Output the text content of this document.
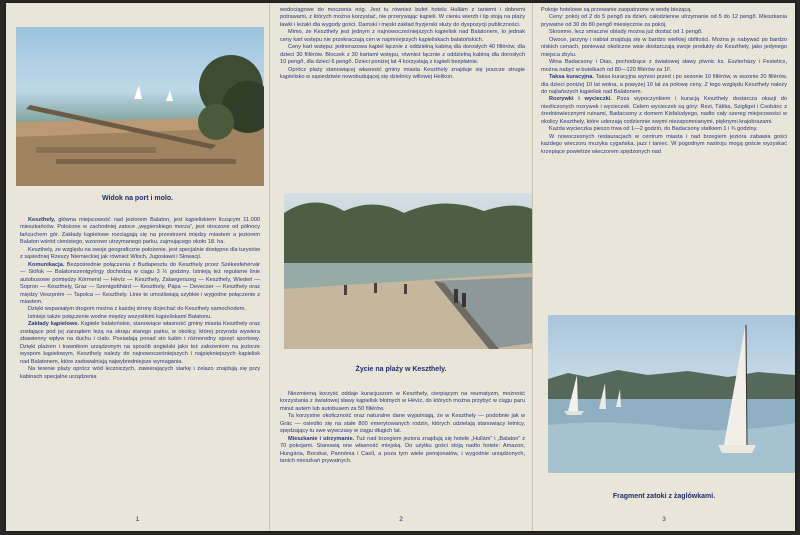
Widok na port i molo.

Keszthely, główna miejscowość nad jeziorem Balaton, jest kąpieliskiem liczącym 11.000 mieszkańców. Położone w zachodniej zatoce „węgierskiego morza”, jest otoczone od północy łańcuchem gór. Zakłady kąpielowe rozciągają się na przestrzeni między miastem a jeziorem Balaton wśród cienistego, wzorowo utrzymanego parku, zajmującego około 18. ha.

Keszthely, ze względu na swoje geograficzne położenie, jest specjalnie dostępne dla turystów z sąsiedniej Rzeszy Niemieckiej jak również Włoch, Jugosławii i Słowacji.

Komunikacja. Bezpośrednie połączenia z Budapesztu do Keszthely przez Székesfehérvár — Siófok — Balatonszentgyörgy dochodzą w ciągu 3 ½ godziny. Istnieją też regularne linie autobusowe pomiędzy Körmend — Hévíz — Keszthely, Zalaegerszeg — Keszthely, Wiedeń — Sopron — Keszthely, Graz — Szentgotthárd — Keszthely, Pápa — Devecser — Keszthely oraz między Veszprém — Tapolca — Keszthely. Linie te umożliwiają szybkie i wygodne połączenie z miastem.

Dzięki wspaniałym drogom można z każdej strony dojechać do Keszthely samochodem.

Istnieje także połączenie wodne między wszystkimi kąpieliskami Balatonu.

Zakłady kąpielowe. Kąpiele balatońskie, stanowiące własność gminy miasta Keszthely oraz zostające pod jej zarządem leżą na skraju starego parku, w okolicy, której przyroda wywiera zbawienny wpływ na duchu i ciało. Posiadają ponad sto kabin i różnorodny sprzęt sportowy. Dzięki plażom i trawnikom urządzonym na sposób angielski jako też założeniom na jeziorze wyspom kąpielowym, Keszthely należy do najnowocześniejszych i najpiękniejszych kąpielisk nad Balatonem, które zadowalniają najwybredniejsze wymagania.

Na terenie plaży oprócz wód leczniczych, zawierających siarkę i żelazo znajdują się przy kabinach specjalne urządzenia

1

wodociągowe do moczenia nóg. Jest tu również bufet hotelu Hullám z taniemi i dobremi potrawami, z których można korzystać, nie przerywając kąpieli. W cieniu wierzb i lip stoją na plaży ławki i leżaki dla wygody gości. Damski i męski zakład fryzjerski służy do dyspozycji publiczności.

Mimo, że Keszthely jest jednym z najnowocześniejszych kąpielisk nad Balatonem, to jednak ceny kart wstępu nie przekraczają cen w najmniejszych kąpieliskach balatońskich.

Ceny kart wstępu: jednorazowa kąpiel łącznie z oddzielną kabiną dla dorosłych 40 fillérów, dla dzieci 30 fillérów. Bloczek z 30 kartami wstępu, również łącznie z oddzielną kabiną dla dorosłych 10 pengő, dla dzieci 6 pengő. Dzieci poniżej lat 4 korzystają z kąpieli bezpłatnie.

Oprócz plaży stanowiącej własność gminy miasta Keszthely znajduje się jeszcze strugie kąpielisko w sąsiedztwie nowobudującej się dzielnicy willowej Helikon.

Życie na plaży w Keszthely.

Niezmierną korzyść oddaje kuracjuszom w Keszthely, cierpiącym na reumatyzm, możność korzystania z światowej sławy kąpielisk błotnych w Hévíz, do których można przybyć w ciągu paru minut autem lub autobusem za 50 fillérów.

Ta korzystne okoliczność oraz naturalne dane wyjaśniają, że w Keszthely — podobnie jak w Grác — osiedlio się na stałe 800 emerytowanych rodzin, których udzielają stanowiący letnicy, spędzający tu swe wywczasy w ciągu długich lat.

Mieszkanie i utrzymanie. Tuż nad brzegiem jeziora znajdują się hotele „Hullám” i „Balaton” z 70 pokojami. Stanowią one własność miejską. Do użytku gości stoją nadto hotele: Amazon, Hungária, Bocskai, Pannónia i Casíl, a poza tym wiele pensjonatów, i wygodnie urządzonych, tanich mieszkań prywatnych.

2

Pokoje hotelowe są przewanie zaopatrzone w wodę bieżącą.

Ceny: pokój od 2 do 5 pengő za dzień, całodzienne utrzymanie od 5 do 12 pengő. Mieszkania prywatne od 30 do 80 pengő miesięcznie za pokój.

Skromne, lecz smaczne obiady można już dostać od 1 pengő.

Owoce, jarzyny i nabiał znajdują się w bardzo wielkiej obfitości. Można je nabywać po bardzo niskich cenach, ponieważ okoliczne wsie dostarczają swoje produkty do Keszthely, jako jedynego miejsca zbytu.

Wina Badacsony i Dias, pochodzące z światowej sławy piwnic ks. Eszterházy i Festetics, można nabyć w butelkach od 80—120 fillérów za 1l².

Taksa kuracyjna. Taksa kuracyjna wynosi przed i po sezonie 10 fillérów, w sezonie 20 fillérów, dla dzieci poniżej 10 lat wolna, a powyżej 10 lat za połowę ceny. Z tego względu Keszthely należy do najtańszych kąpielisk nad Balatonem.

Rozrywki i wycieczki. Poza wypoczynkiem i kuracją Keszthely dostarcza okazji do niezliczonych rozrywek i wycieczek. Celem wycieczek są góry: Rezi, Tátika, Szigliget i Csobánc z średniowiecznymi ruinami, Badacsony z domem Kisfaludyego, nadto cały szereg miejscowości w okolicy Keszthely, które uderzają codziennie swymi niezapomnianymi, pięknymi krajobrazami.

Każda wycieczka pieszo trwa od 1—2 godzin, do Badacsony statkiem 1 i ¾ godziny.

W nowoczesnych restauracjach w centrum miasta i nad brzegiem jeziora zabawia gości każdego wieczoru muzyka cygańska, jazz i taniec. W pogodnym nastroju mogą goście wyzyskać krzepiące powietrze wieczorem spędzonych nad

Fragment zatoki z żaglówkami.
3
